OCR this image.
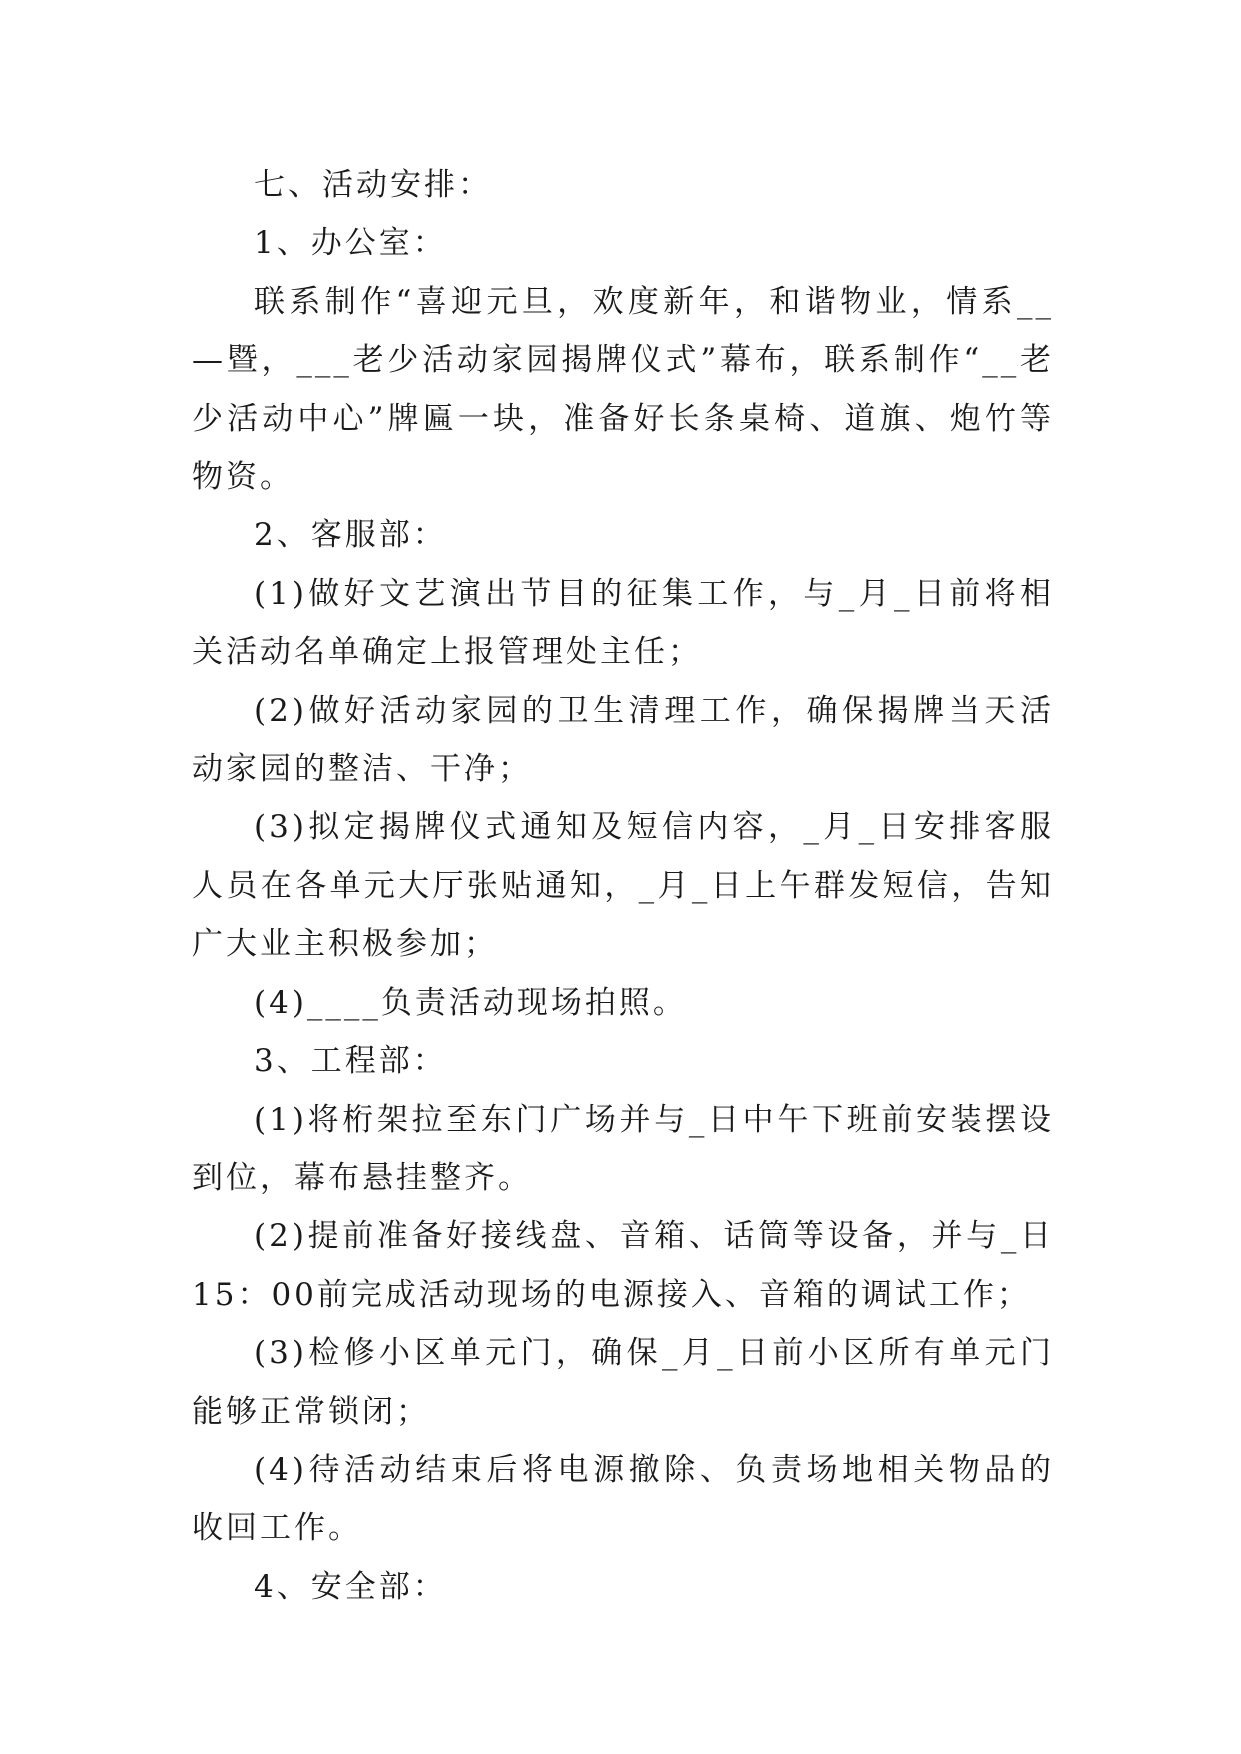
七、活动安排：

1、办公室：

联系制作“喜迎元旦，欢度新年，和谐物业，情系__—暨，___老少活动家园揭牌仪式”幕布，联系制作“__老少活动中心”牌匾一块，准备好长条桌椅、道旗、炮竹等物资。

2、客服部：

(1)做好文艺演出节目的征集工作，与_月_日前将相关活动名单确定上报管理处主任；

(2)做好活动家园的卫生清理工作，确保揭牌当天活动家园的整洁、干净；

(3)拟定揭牌仪式通知及短信内容，_月_日安排客服人员在各单元大厅张贴通知，_月_日上午群发短信，告知广大业主积极参加；

(4)____负责活动现场拍照。

3、工程部：

(1)将桁架拉至东门广场并与_日中午下班前安装摆设到位，幕布悬挂整齐。

(2)提前准备好接线盘、音箱、话筒等设备，并与_日15：00前完成活动现场的电源接入、音箱的调试工作；

(3)检修小区单元门，确保_月_日前小区所有单元门能够正常锁闭；

(4)待活动结束后将电源撤除、负责场地相关物品的收回工作。

4、安全部：
